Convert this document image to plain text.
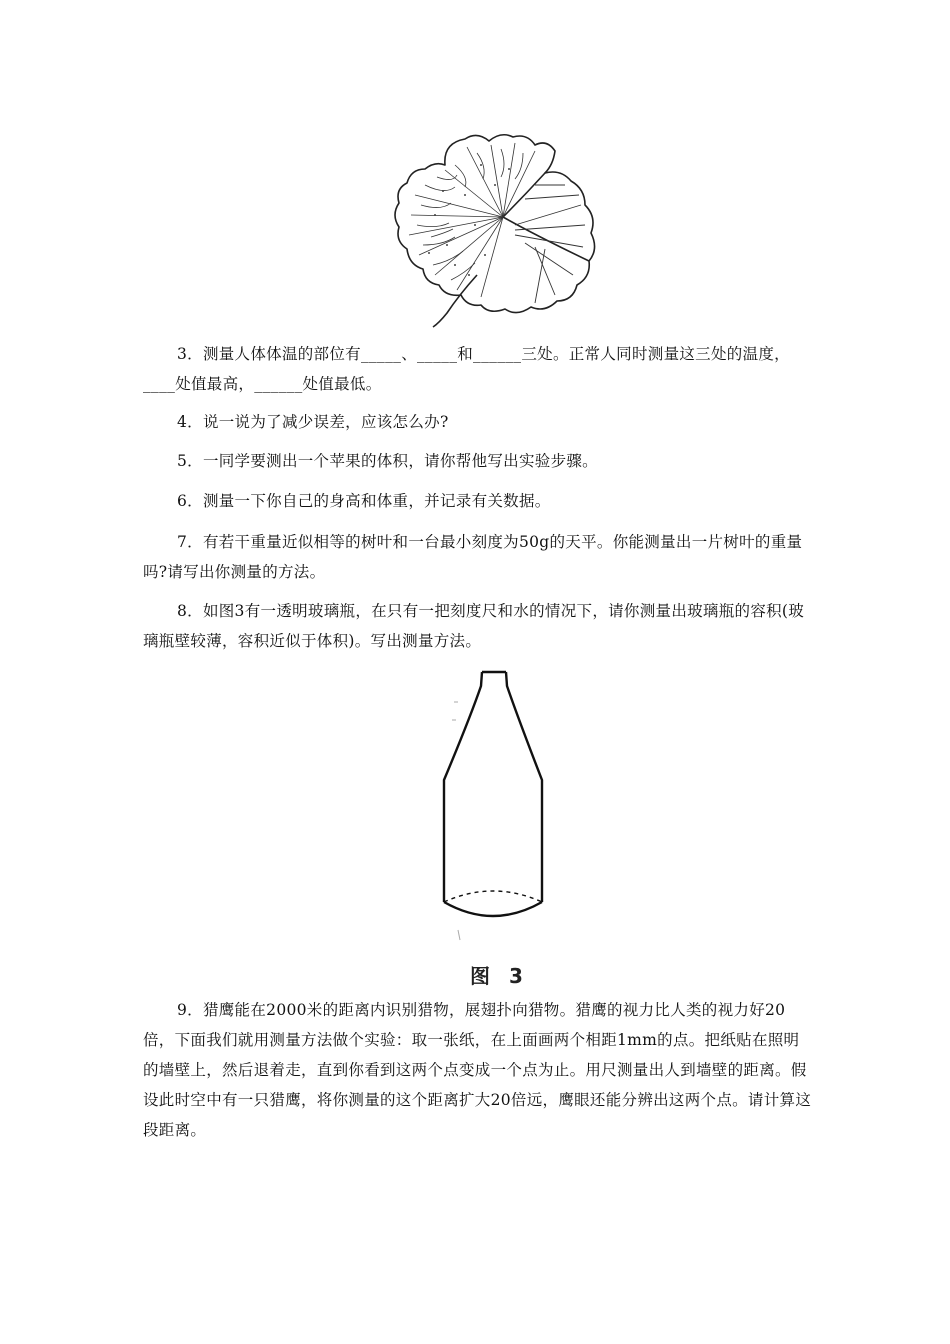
3．测量人体体温的部位有_____、_____和______三处。正常人同时测量这三处的温度，____处值最高，______处值最低。

4．说一说为了减少误差，应该怎么办?

5．一同学要测出一个苹果的体积，请你帮他写出实验步骤。

6．测量一下你自己的身高和体重，并记录有关数据。

7．有若干重量近似相等的树叶和一台最小刻度为50g的天平。你能测量出一片树叶的重量吗?请写出你测量的方法。

8．如图3有一透明玻璃瓶，在只有一把刻度尺和水的情况下，请你测量出玻璃瓶的容积(玻璃瓶壁较薄，容积近似于体积)。写出测量方法。

图 3

9．猎鹰能在2000米的距离内识别猎物，展翅扑向猎物。猎鹰的视力比人类的视力好20倍，下面我们就用测量方法做个实验：取一张纸，在上面画两个相距1mm的点。把纸贴在照明的墙壁上，然后退着走，直到你看到这两个点变成一个点为止。用尺测量出人到墙壁的距离。假设此时空中有一只猎鹰，将你测量的这个距离扩大20倍远，鹰眼还能分辨出这两个点。请计算这段距离。
